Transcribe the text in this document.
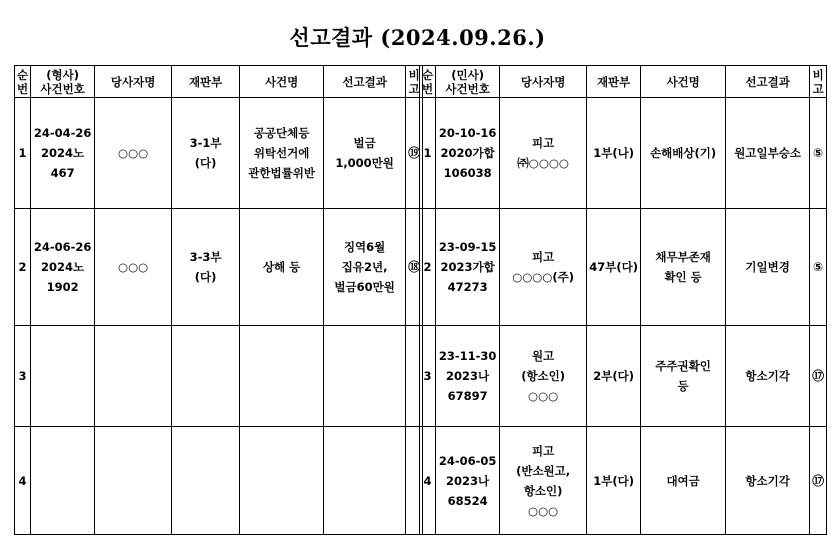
선고결과 (2024.09.26.)
순번	(형사)
사건번호	당사자명	재판부	사건명	선고결과	비고
1	24-04-26
2024노
467	○○○	3-1부
(다)	공공단체등
위탁선거에
관한법률위반	벌금
1,000만원	⑲
2	24-06-26
2024노
1902	○○○	3-3부
(다)	상해 등	징역6월
집유2년,
벌금60만원	⑱
3						
4						
순번	(민사)
사건번호	당사자명	재판부	사건명	선고결과	비고
1	20-10-16
2020가합
106038	피고
㈜○○○○	1부(나)	손해배상(기)	원고일부승소	⑤
2	23-09-15
2023가합
47273	피고
○○○○(주)	47부(다)	채무부존재
확인 등	기일변경	⑤
3	23-11-30
2023나
67897	원고
(항소인)
○○○	2부(다)	주주권확인
등	항소기각	⑰
4	24-06-05
2023나
68524	피고
(반소원고,
항소인)
○○○	1부(다)	대여금	항소기각	⑰
